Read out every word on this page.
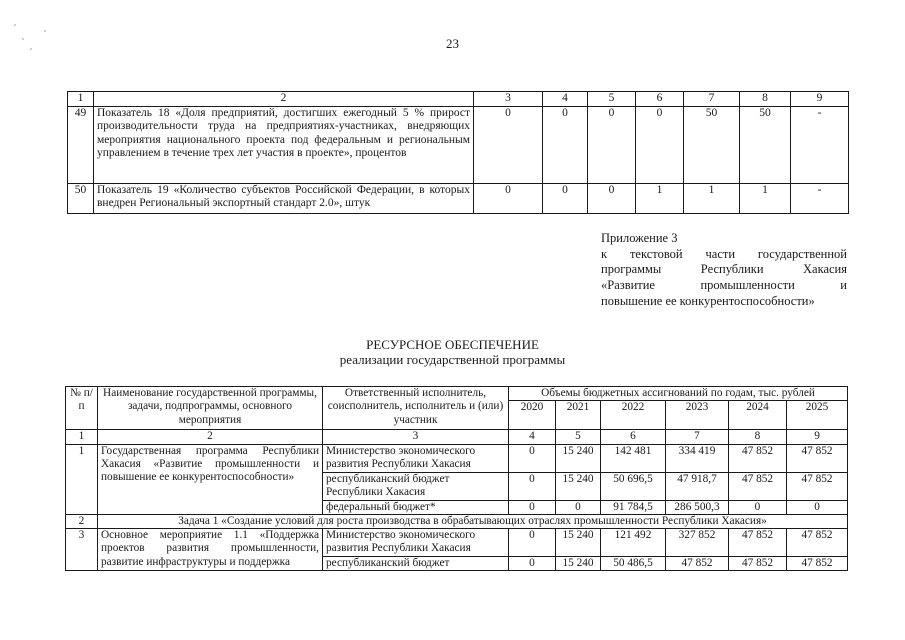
23
1	2	3	4	5	6	7	8	9
49	Показатель 18 «Доля предприятий, достигших ежегодный 5 % прирост производительности труда на предприятиях-участниках, внедряющих мероприятия национального проекта под федеральным и региональным управлением в течение трех лет участия в проекте», процентов	0	0	0	0	50	50	-
50	Показатель 19 «Количество субъектов Российской Федерации, в которых внедрен Региональный экспортный стандарт 2.0», штук	0	0	0	1	1	1	-
Приложение 3
к текстовой части государственной
программы Республики Хакасия
«Развитие промышленности и
повышение ее конкурентоспособности»
РЕСУРСНОЕ ОБЕСПЕЧЕНИЕ
реализации государственной программы
№ п/п	Наименование государственной программы, задачи, подпрограммы, основного мероприятия	Ответственный исполнитель, соисполнитель, исполнитель и (или) участник	Объемы бюджетных ассигнований по годам, тыс. рублей					
			2020	2021	2022	2023	2024	2025
1	2	3	4	5	6	7	8	9
1	Государственная программа Республики Хакасия «Развитие промышленности и повышение ее конкурентоспособности»	Министерство экономического развития Республики Хакасия	0	15 240	142 481	334 419	47 852	47 852
		республиканский бюджет Республики Хакасия	0	15 240	50 696,5	47 918,7	47 852	47 852
		федеральный бюджет*	0	0	91 784,5	286 500,3	0	0
2	Задача 1 «Создание условий для роста производства в обрабатывающих отраслях промышленности Республики Хакасия»							
3	Основное мероприятие 1.1 «Поддержка проектов развития промышленности, развитие инфраструктуры и поддержка	Министерство экономического развития Республики Хакасия	0	15 240	121 492	327 852	47 852	47 852
		республиканский бюджет	0	15 240	50 486,5	47 852	47 852	47 852
